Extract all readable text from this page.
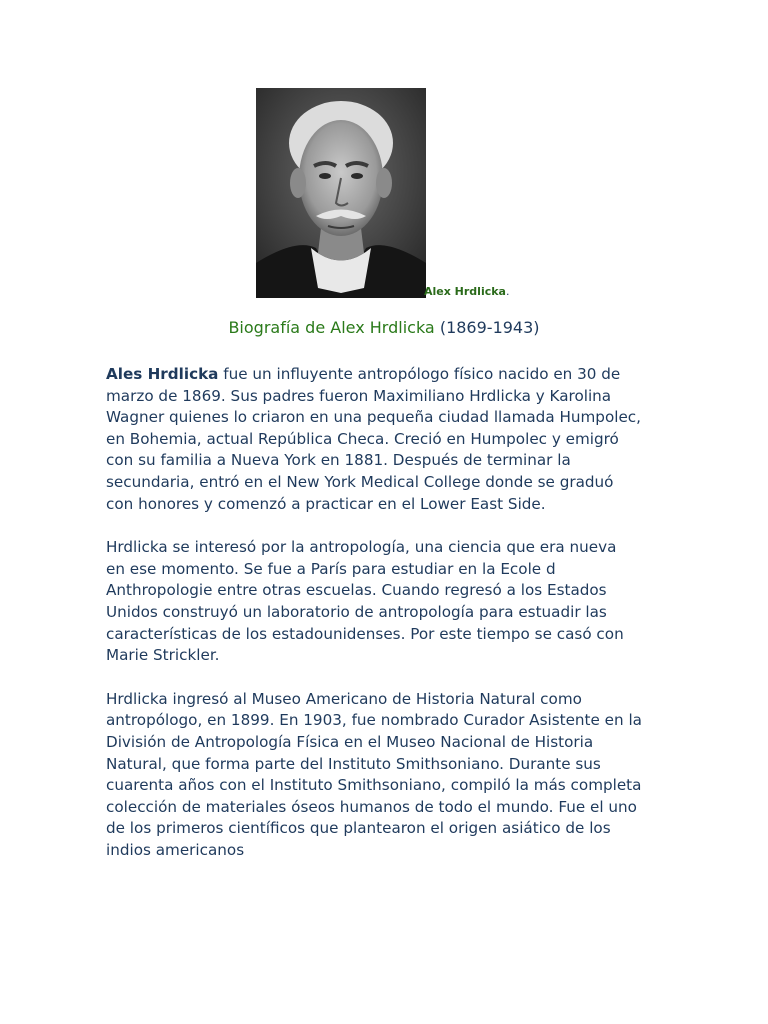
Alex Hrdlicka.
Biografía de Alex Hrdlicka (1869-1943)

Ales Hrdlicka fue un influyente antropólogo físico nacido en 30 de
marzo de 1869. Sus padres fueron Maximiliano Hrdlicka y Karolina
Wagner quienes lo criaron en una pequeña ciudad llamada Humpolec,
en Bohemia, actual República Checa. Creció en Humpolec y emigró
con su familia a Nueva York en 1881. Después de terminar la
secundaria, entró en el New York Medical College donde se graduó
con honores y comenzó a practicar en el Lower East Side.

Hrdlicka se interesó por la antropología, una ciencia que era nueva
en ese momento. Se fue a París para estudiar en la Ecole d
Anthropologie entre otras escuelas. Cuando regresó a los Estados
Unidos construyó un laboratorio de antropología para estuadir las
características de los estadounidenses. Por este tiempo se casó con
Marie Strickler.

Hrdlicka ingresó al Museo Americano de Historia Natural como
antropólogo, en 1899. En 1903, fue nombrado Curador Asistente en la
División de Antropología Física en el Museo Nacional de Historia
Natural, que forma parte del Instituto Smithsoniano. Durante sus
cuarenta años con el Instituto Smithsoniano, compiló la más completa
colección de materiales óseos humanos de todo el mundo. Fue el uno
de los primeros científicos que plantearon el origen asiático de los
indios americanos
